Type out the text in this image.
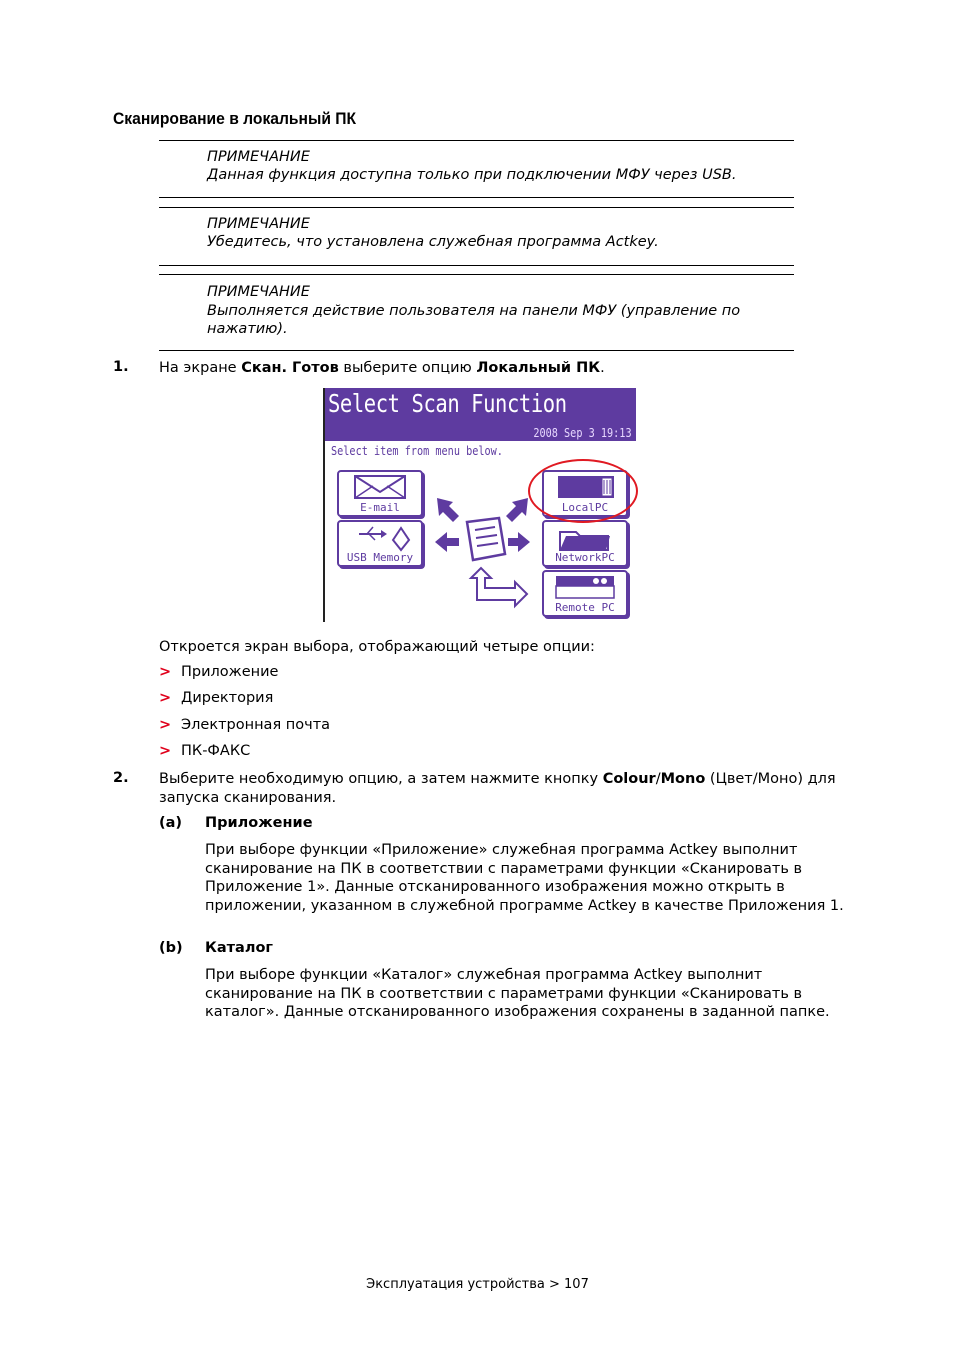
Сканирование в локальный ПК
ПРИМЕЧАНИЕ
Данная функция доступна только при подключении МФУ через USB.
ПРИМЕЧАНИЕ
Убедитесь, что установлена служебная программа Actkey.
ПРИМЕЧАНИЕ
Выполняется действие пользователя на панели МФУ (управление по нажатию).
1. На экране Скан. Готов выберите опцию Локальный ПК.
Select Scan Function
2008 Sep 3 19:13
Select item from menu below.
E-mail
USB Memory
LocalPC
NetworkPC
Remote PC
Откроется экран выбора, отображающий четыре опции:
> Приложение
> Директория
> Электронная почта
> ПК-ФАКС
2. Выберите необходимую опцию, а затем нажмите кнопку Colour/Mono (Цвет/Моно) для запуска сканирования.
(a) Приложение
При выборе функции «Приложение» служебная программа Actkey выполнит сканирование на ПК в соответствии с параметрами функции «Сканировать в Приложение 1». Данные отсканированного изображения можно открыть в приложении, указанном в служебной программе Actkey в качестве Приложения 1.
(b) Каталог
При выборе функции «Каталог» служебная программа Actkey выполнит сканирование на ПК в соответствии с параметрами функции «Сканировать в каталог». Данные отсканированного изображения сохранены в заданной папке.
Эксплуатация устройства > 107
